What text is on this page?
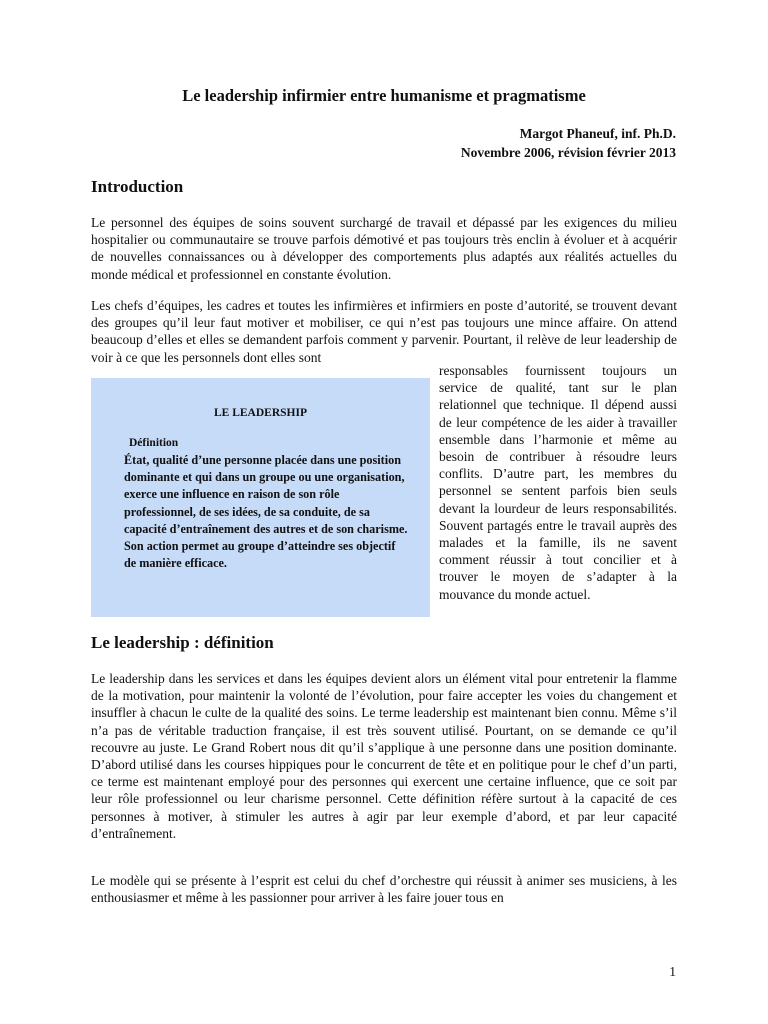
Le leadership infirmier entre humanisme et pragmatisme
Margot Phaneuf, inf. Ph.D.
Novembre 2006, révision février 2013
Introduction

Le personnel des équipes de soins souvent surchargé de travail et dépassé par les exigences du milieu hospitalier ou communautaire se trouve parfois démotivé et pas toujours très enclin à évoluer et à acquérir de nouvelles connaissances ou à développer des comportements plus adaptés aux réalités actuelles du monde médical et professionnel en constante évolution.

Les chefs d’équipes, les cadres et toutes les infirmières et infirmiers en poste d’autorité, se trouvent devant des groupes qu’il leur faut motiver et mobiliser, ce qui n’est pas toujours une mince affaire. On attend beaucoup d’elles et elles se demandent parfois comment y parvenir. Pourtant, il relève de leur leadership de voir à ce que les personnels dont elles sont

LE LEADERSHIP
Définition

État, qualité d’une personne placée dans une position dominante et qui dans un groupe ou une organisation, exerce une influence en raison de son rôle professionnel, de ses idées, de sa conduite, de sa capacité d’entraînement des autres et de son charisme. Son action permet au groupe d’atteindre ses objectif de manière efficace.

responsables fournissent toujours un service de qualité, tant sur le plan relationnel que technique. Il dépend aussi de leur compétence de les aider à travailler ensemble dans l’harmonie et même au besoin de contribuer à résoudre leurs conflits. D’autre part, les membres du personnel se sentent parfois bien seuls devant la lourdeur de leurs responsabilités. Souvent partagés entre le travail auprès des malades et la famille, ils ne savent comment réussir à tout concilier et à trouver le moyen de s’adapter à la mouvance du monde actuel.

Le leadership : définition

Le leadership dans les services et dans les équipes devient alors un élément vital pour entretenir la flamme de la motivation, pour maintenir la volonté de l’évolution, pour faire accepter les voies du changement et insuffler à chacun le culte de la qualité des soins. Le terme leadership est maintenant bien connu. Même s’il n’a pas de véritable traduction française, il est très souvent utilisé. Pourtant, on se demande ce qu’il recouvre au juste. Le Grand Robert nous dit qu’il s’applique à une personne dans une position dominante. D’abord utilisé dans les courses hippiques pour le concurrent de tête et en politique pour le chef d’un parti, ce terme est maintenant employé pour des personnes qui exercent une certaine influence, que ce soit par leur rôle professionnel ou leur charisme personnel. Cette définition réfère surtout à la capacité de ces personnes à motiver, à stimuler les autres à agir par leur exemple d’abord, et par leur capacité d’entraînement.

Le modèle qui se présente à l’esprit est celui du chef d’orchestre qui réussit à animer ses musiciens, à les enthousiasmer et même à les passionner pour arriver à les faire jouer tous en

1
